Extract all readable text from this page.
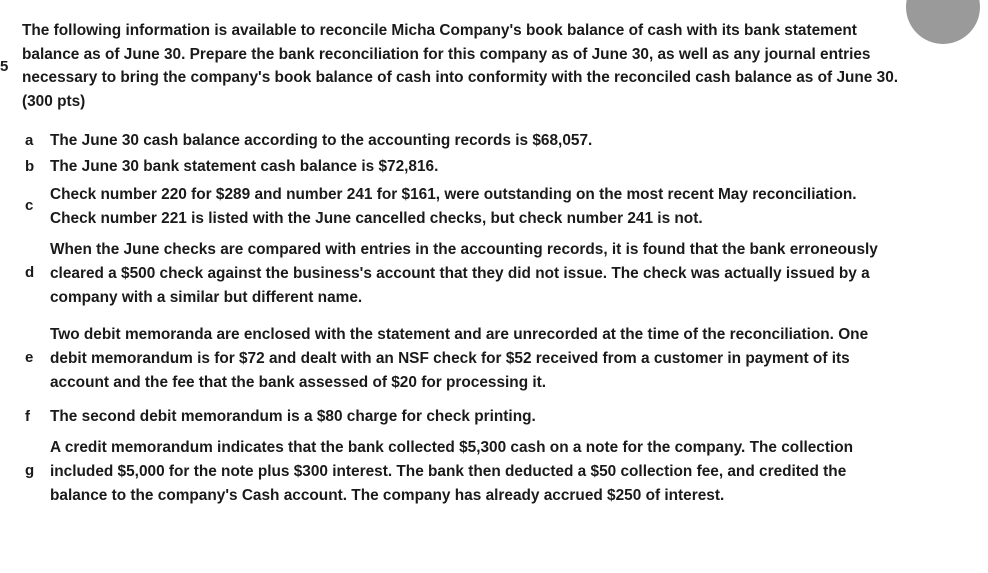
5
The following information is available to reconcile Micha Company's book balance of cash with its bank statement
balance as of June 30. Prepare the bank reconciliation for this company as of June 30, as well as any journal entries
necessary to bring the company's book balance of cash into conformity with the reconciled cash balance as of June 30.
(300 pts)
a The June 30 cash balance according to the accounting records is $68,057.
b The June 30 bank statement cash balance is $72,816.
c
Check number 220 for $289 and number 241 for $161, were outstanding on the most recent May reconciliation.
Check number 221 is listed with the June cancelled checks, but check number 241 is not.
d
When the June checks are compared with entries in the accounting records, it is found that the bank erroneously
cleared a $500 check against the business's account that they did not issue. The check was actually issued by a
company with a similar but different name.
e
Two debit memoranda are enclosed with the statement and are unrecorded at the time of the reconciliation. One
debit memorandum is for $72 and dealt with an NSF check for $52 received from a customer in payment of its
account and the fee that the bank assessed of $20 for processing it.
f The second debit memorandum is a $80 charge for check printing.
g
A credit memorandum indicates that the bank collected $5,300 cash on a note for the company. The collection
included $5,000 for the note plus $300 interest. The bank then deducted a $50 collection fee, and credited the
balance to the company's Cash account. The company has already accrued $250 of interest.
